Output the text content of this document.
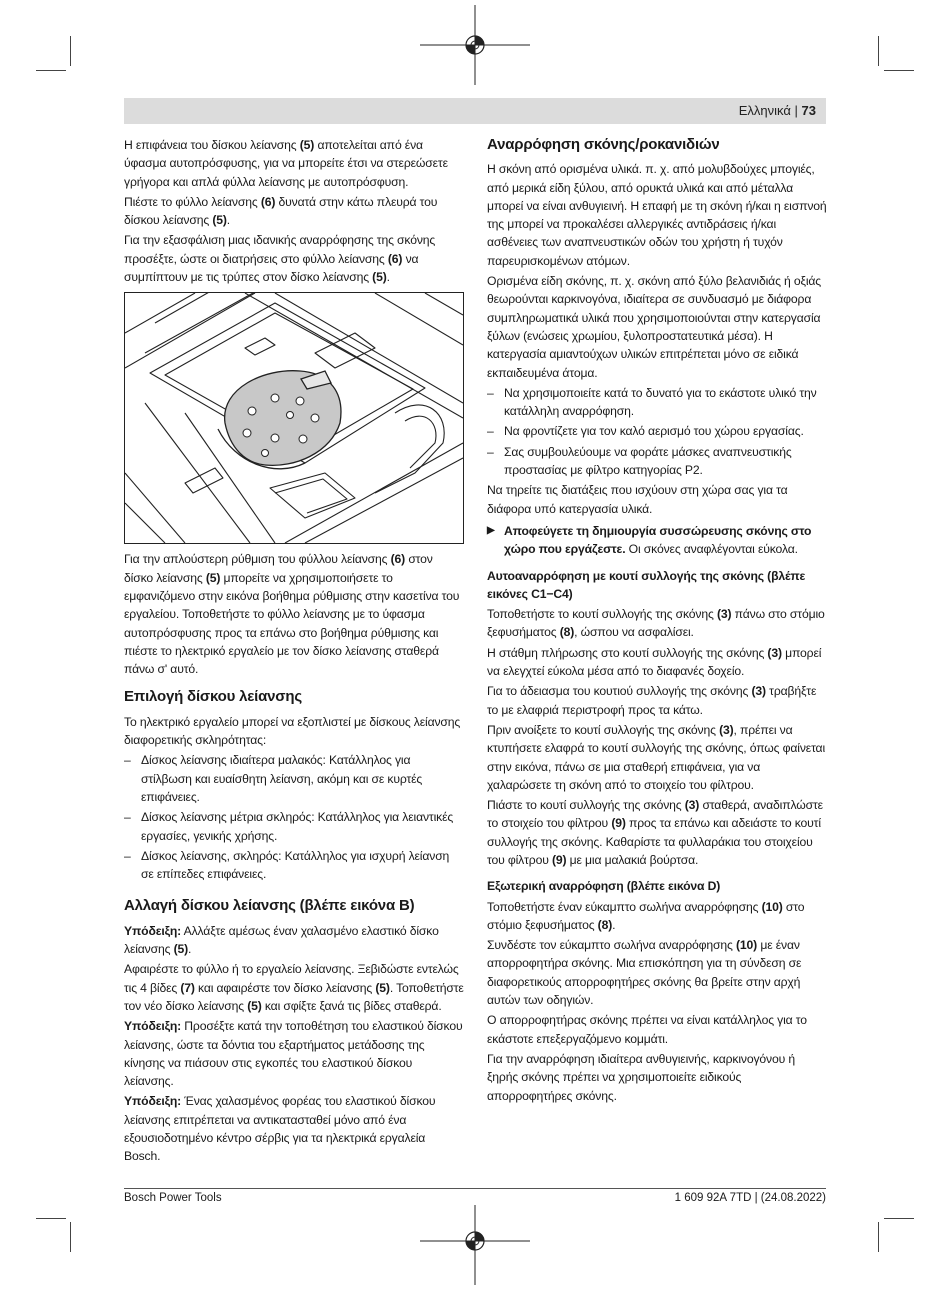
Ελληνικά | 73

Η επιφάνεια του δίσκου λείανσης (5) αποτελείται από ένα ύφασμα αυτοπρόσφυσης, για να μπορείτε έτσι να στερεώσετε γρήγορα και απλά φύλλα λείανσης με αυτοπρόσφυση.

Πιέστε το φύλλο λείανσης (6) δυνατά στην κάτω πλευρά του δίσκου λείανσης (5).

Για την εξασφάλιση μιας ιδανικής αναρρόφησης της σκόνης προσέξτε, ώστε οι διατρήσεις στο φύλλο λείανσης (6) να συμπίπτουν με τις τρύπες στον δίσκο λείανσης (5).

Για την απλούστερη ρύθμιση του φύλλου λείανσης (6) στον δίσκο λείανσης (5) μπορείτε να χρησιμοποιήσετε το εμφανιζόμενο στην εικόνα βοήθημα ρύθμισης στην κασετίνα του εργαλείου. Τοποθετήστε το φύλλο λείανσης με το ύφασμα αυτοπρόσφυσης προς τα επάνω στο βοήθημα ρύθμισης και πιέστε το ηλεκτρικό εργαλείο με τον δίσκο λείανσης σταθερά πάνω σ' αυτό.

Επιλογή δίσκου λείανσης

Το ηλεκτρικό εργαλείο μπορεί να εξοπλιστεί με δίσκους λείανσης διαφορετικής σκληρότητας:

– Δίσκος λείανσης ιδιαίτερα μαλακός: Κατάλληλος για στίλβωση και ευαίσθητη λείανση, ακόμη και σε κυρτές επιφάνειες.
– Δίσκος λείανσης μέτρια σκληρός: Κατάλληλος για λειαντικές εργασίες, γενικής χρήσης.
– Δίσκος λείανσης, σκληρός: Κατάλληλος για ισχυρή λείανση σε επίπεδες επιφάνειες.
Αλλαγή δίσκου λείανσης (βλέπε εικόνα B)

Υπόδειξη: Αλλάξτε αμέσως έναν χαλασμένο ελαστικό δίσκο λείανσης (5).

Αφαιρέστε το φύλλο ή το εργαλείο λείανσης. Ξεβιδώστε εντελώς τις 4 βίδες (7) και αφαιρέστε τον δίσκο λείανσης (5). Τοποθετήστε τον νέο δίσκο λείανσης (5) και σφίξτε ξανά τις βίδες σταθερά.

Υπόδειξη: Προσέξτε κατά την τοποθέτηση του ελαστικού δίσκου λείανσης, ώστε τα δόντια του εξαρτήματος μετάδοσης της κίνησης να πιάσουν στις εγκοπές του ελαστικού δίσκου λείανσης.

Υπόδειξη: Ένας χαλασμένος φορέας του ελαστικού δίσκου λείανσης επιτρέπεται να αντικατασταθεί μόνο από ένα εξουσιοδοτημένο κέντρο σέρβις για τα ηλεκτρικά εργαλεία Bosch.

Αναρρόφηση σκόνης/ροκανιδιών

Η σκόνη από ορισμένα υλικά. π. χ. από μολυβδούχες μπογιές, από μερικά είδη ξύλου, από ορυκτά υλικά και από μέταλλα μπορεί να είναι ανθυγιεινή. Η επαφή με τη σκόνη ή/και η εισπνοή της μπορεί να προκαλέσει αλλεργικές αντιδράσεις ή/και ασθένειες των αναπνευστικών οδών του χρήστη ή τυχόν παρευρισκομένων ατόμων.

Ορισμένα είδη σκόνης, π. χ. σκόνη από ξύλο βελανιδιάς ή οξιάς θεωρούνται καρκινογόνα, ιδιαίτερα σε συνδυασμό με διάφορα συμπληρωματικά υλικά που χρησιμοποιούνται στην κατεργασία ξύλων (ενώσεις χρωμίου, ξυλοπροστατευτικά μέσα). Η κατεργασία αμιαντούχων υλικών επιτρέπεται μόνο σε ειδικά εκπαιδευμένα άτομα.

– Να χρησιμοποιείτε κατά το δυνατό για το εκάστοτε υλικό την κατάλληλη αναρρόφηση.
– Να φροντίζετε για τον καλό αερισμό του χώρου εργασίας.
– Σας συμβουλεύουμε να φοράτε μάσκες αναπνευστικής προστασίας με φίλτρο κατηγορίας P2.

Να τηρείτε τις διατάξεις που ισχύουν στη χώρα σας για τα διάφορα υπό κατεργασία υλικά.

▶ Αποφεύγετε τη δημιουργία συσσώρευσης σκόνης στο χώρο που εργάζεστε. Οι σκόνες αναφλέγονται εύκολα.
Αυτοαναρρόφηση με κουτί συλλογής της σκόνης (βλέπε εικόνες C1−C4)

Τοποθετήστε το κουτί συλλογής της σκόνης (3) πάνω στο στόμιο ξεφυσήματος (8), ώσπου να ασφαλίσει.

Η στάθμη πλήρωσης στο κουτί συλλογής της σκόνης (3) μπορεί να ελεγχτεί εύκολα μέσα από το διαφανές δοχείο.

Για το άδειασμα του κουτιού συλλογής της σκόνης (3) τραβήξτε το με ελαφριά περιστροφή προς τα κάτω.

Πριν ανοίξετε το κουτί συλλογής της σκόνης (3), πρέπει να κτυπήσετε ελαφρά το κουτί συλλογής της σκόνης, όπως φαίνεται στην εικόνα, πάνω σε μια σταθερή επιφάνεια, για να χαλαρώσετε τη σκόνη από το στοιχείο του φίλτρου.

Πιάστε το κουτί συλλογής της σκόνης (3) σταθερά, αναδιπλώστε το στοιχείο του φίλτρου (9) προς τα επάνω και αδειάστε το κουτί συλλογής της σκόνης. Καθαρίστε τα φυλλαράκια του στοιχείου του φίλτρου (9) με μια μαλακιά βούρτσα.

Εξωτερική αναρρόφηση (βλέπε εικόνα D)

Τοποθετήστε έναν εύκαμπτο σωλήνα αναρρόφησης (10) στο στόμιο ξεφυσήματος (8).

Συνδέστε τον εύκαμπτο σωλήνα αναρρόφησης (10) με έναν απορροφητήρα σκόνης. Μια επισκόπηση για τη σύνδεση σε διαφορετικούς απορροφητήρες σκόνης θα βρείτε στην αρχή αυτών των οδηγιών.

Ο απορροφητήρας σκόνης πρέπει να είναι κατάλληλος για το εκάστοτε επεξεργαζόμενο κομμάτι.

Για την αναρρόφηση ιδιαίτερα ανθυγιεινής, καρκινογόνου ή ξηρής σκόνης πρέπει να χρησιμοποιείτε ειδικούς απορροφητήρες σκόνης.

Bosch Power Tools	1 609 92A 7TD | (24.08.2022)
